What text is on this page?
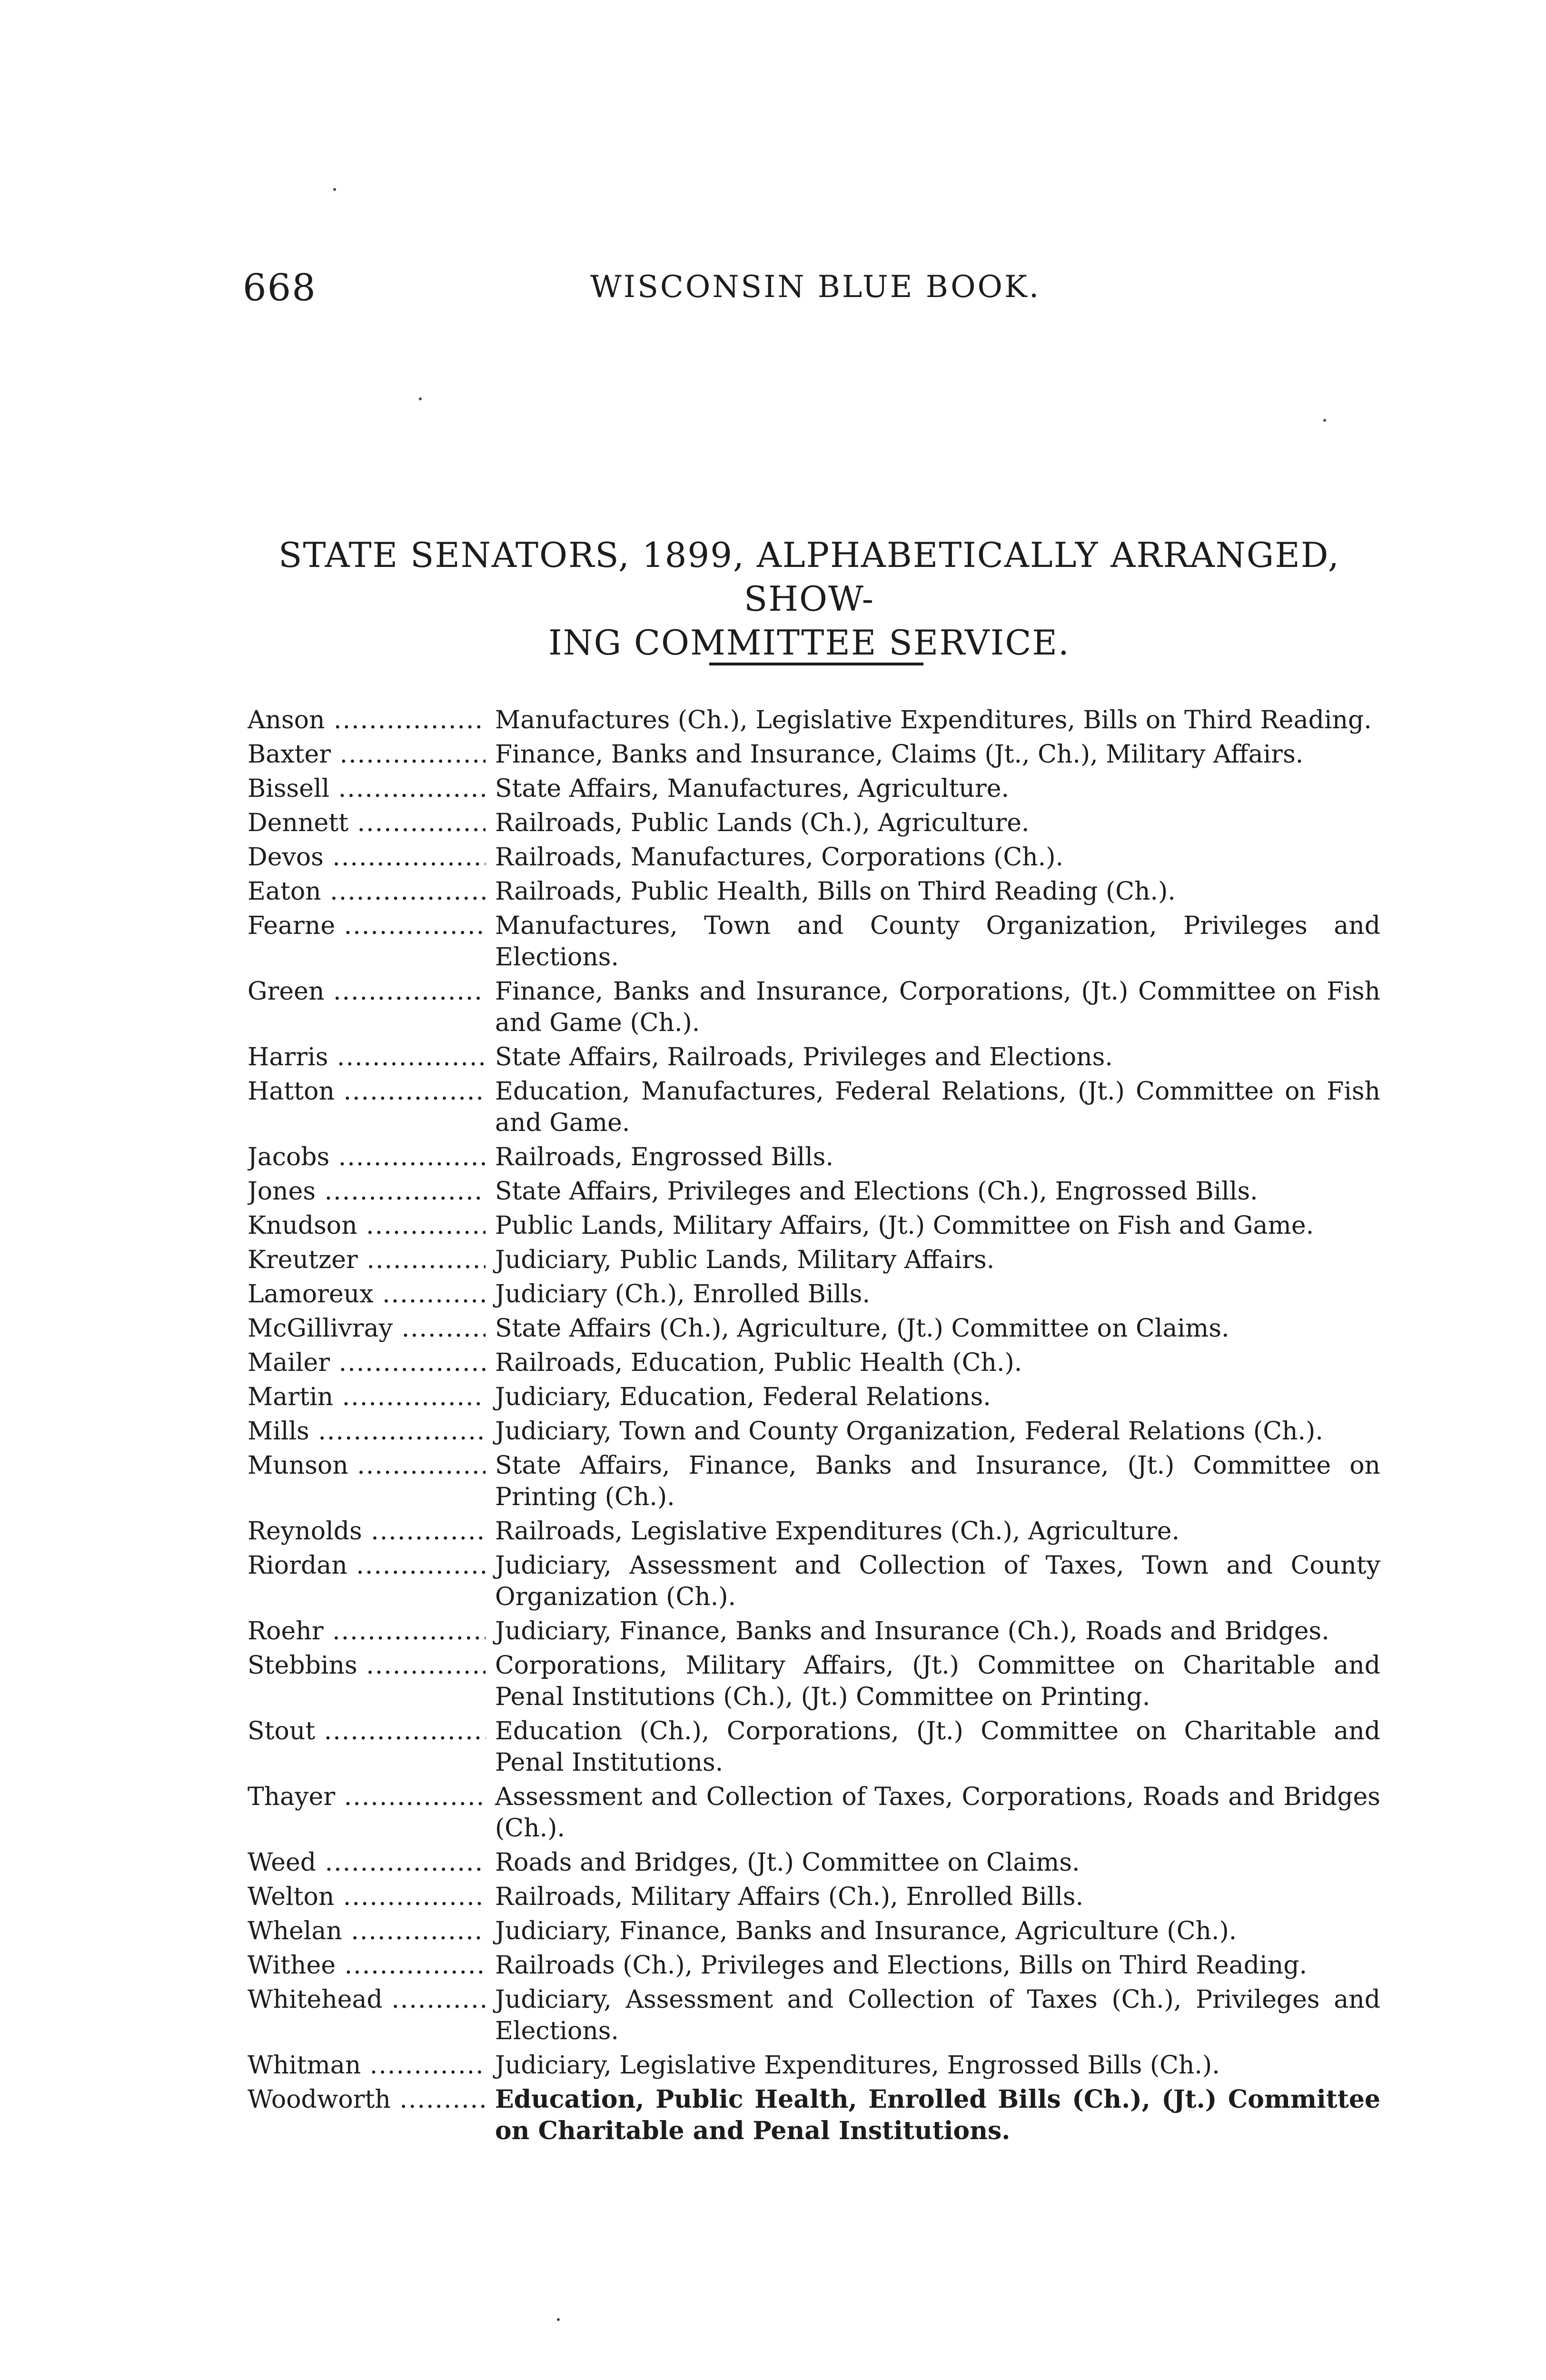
668	WISCONSIN BLUE BOOK.
STATE SENATORS, 1899, ALPHABETICALLY ARRANGED, SHOW-
ING COMMITTEE SERVICE.
Anson .....	Manufactures (Ch.), Legislative Expenditures, Bills on Third Reading.
Baxter .....	Finance, Banks and Insurance, Claims (Jt., Ch.), Military Affairs.
Bissell .....	State Affairs, Manufactures, Agriculture.
Dennett .....	Railroads, Public Lands (Ch.), Agriculture.
Devos .....	Railroads, Manufactures, Corporations (Ch.).
Eaton .....	Railroads, Public Health, Bills on Third Reading (Ch.).
Fearne .....	Manufactures, Town and County Organization, Privileges and Elections.
Green .....	Finance, Banks and Insurance, Corporations, (Jt.) Committee on Fish and Game (Ch.).
Harris .....	State Affairs, Railroads, Privileges and Elections.
Hatton .....	Education, Manufactures, Federal Relations, (Jt.) Committee on Fish and Game.
Jacobs .....	Railroads, Engrossed Bills.
Jones .....	State Affairs, Privileges and Elections (Ch.), Engrossed Bills.
Knudson .....	Public Lands, Military Affairs, (Jt.) Committee on Fish and Game.
Kreutzer .....	Judiciary, Public Lands, Military Affairs.
Lamoreux .....	Judiciary (Ch.), Enrolled Bills.
McGillivray .....	State Affairs (Ch.), Agriculture, (Jt.) Committee on Claims.
Mailer .....	Railroads, Education, Public Health (Ch.).
Martin .....	Judiciary, Education, Federal Relations.
Mills .....	Judiciary, Town and County Organization, Federal Relations (Ch.).
Munson .....	State Affairs, Finance, Banks and Insurance, (Jt.) Committee on Printing (Ch.).
Reynolds .....	Railroads, Legislative Expenditures (Ch.), Agriculture.
Riordan .....	Judiciary, Assessment and Collection of Taxes, Town and County Organization (Ch.).
Roehr .....	Judiciary, Finance, Banks and Insurance (Ch.), Roads and Bridges.
Stebbins .....	Corporations, Military Affairs, (Jt.) Committee on Charitable and Penal Institutions (Ch.), (Jt.) Committee on Printing.
Stout .....	Education (Ch.), Corporations, (Jt.) Committee on Charitable and Penal Institutions.
Thayer .....	Assessment and Collection of Taxes, Corporations, Roads and Bridges (Ch.).
Weed .....	Roads and Bridges, (Jt.) Committee on Claims.
Welton .....	Railroads, Military Affairs (Ch.), Enrolled Bills.
Whelan .....	Judiciary, Finance, Banks and Insurance, Agriculture (Ch.).
Withee .....	Railroads (Ch.), Privileges and Elections, Bills on Third Reading.
Whitehead .....	Judiciary, Assessment and Collection of Taxes (Ch.), Privileges and Elections.
Whitman .....	Judiciary, Legislative Expenditures, Engrossed Bills (Ch.).
Woodworth .....	Education, Public Health, Enrolled Bills (Ch.), (Jt.) Committee on Charitable and Penal Institutions.
